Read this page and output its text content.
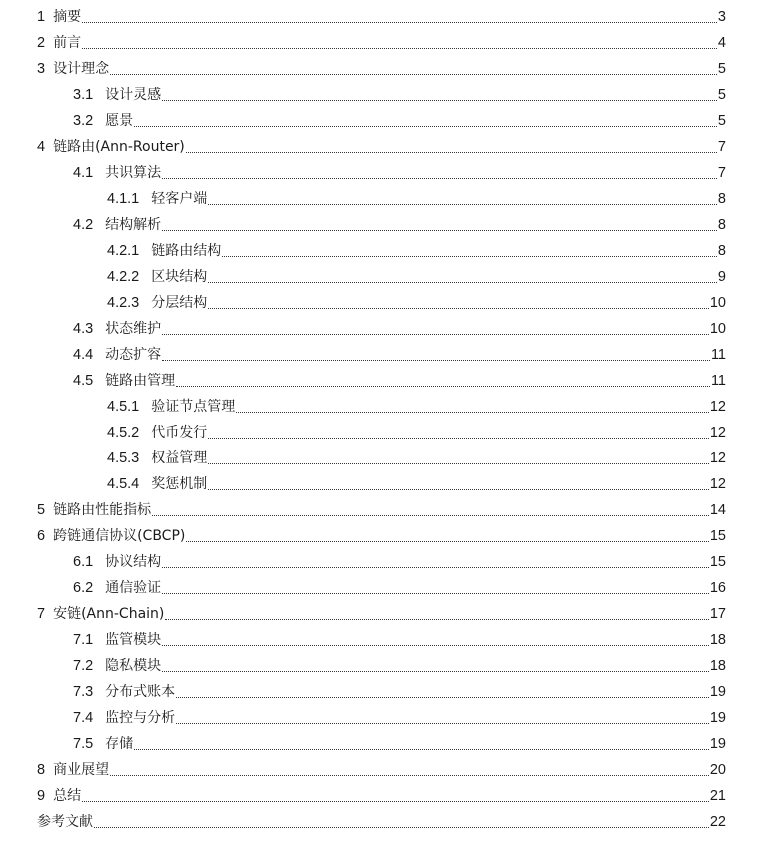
1 摘要	3
2 前言	4
3 设计理念	5
3.1 设计灵感	5
3.2 愿景	5
4 链路由(Ann-Router)	7
4.1 共识算法	7
4.1.1 轻客户端	8
4.2 结构解析	8
4.2.1 链路由结构	8
4.2.2 区块结构	9
4.2.3 分层结构	10
4.3 状态维护	10
4.4 动态扩容	11
4.5 链路由管理	11
4.5.1 验证节点管理	12
4.5.2 代币发行	12
4.5.3 权益管理	12
4.5.4 奖惩机制	12
5 链路由性能指标	14
6 跨链通信协议(CBCP)	15
6.1 协议结构	15
6.2 通信验证	16
7 安链(Ann-Chain)	17
7.1 监管模块	18
7.2 隐私模块	18
7.3 分布式账本	19
7.4 监控与分析	19
7.5 存储	19
8 商业展望	20
9 总结	21
参考文献	22
